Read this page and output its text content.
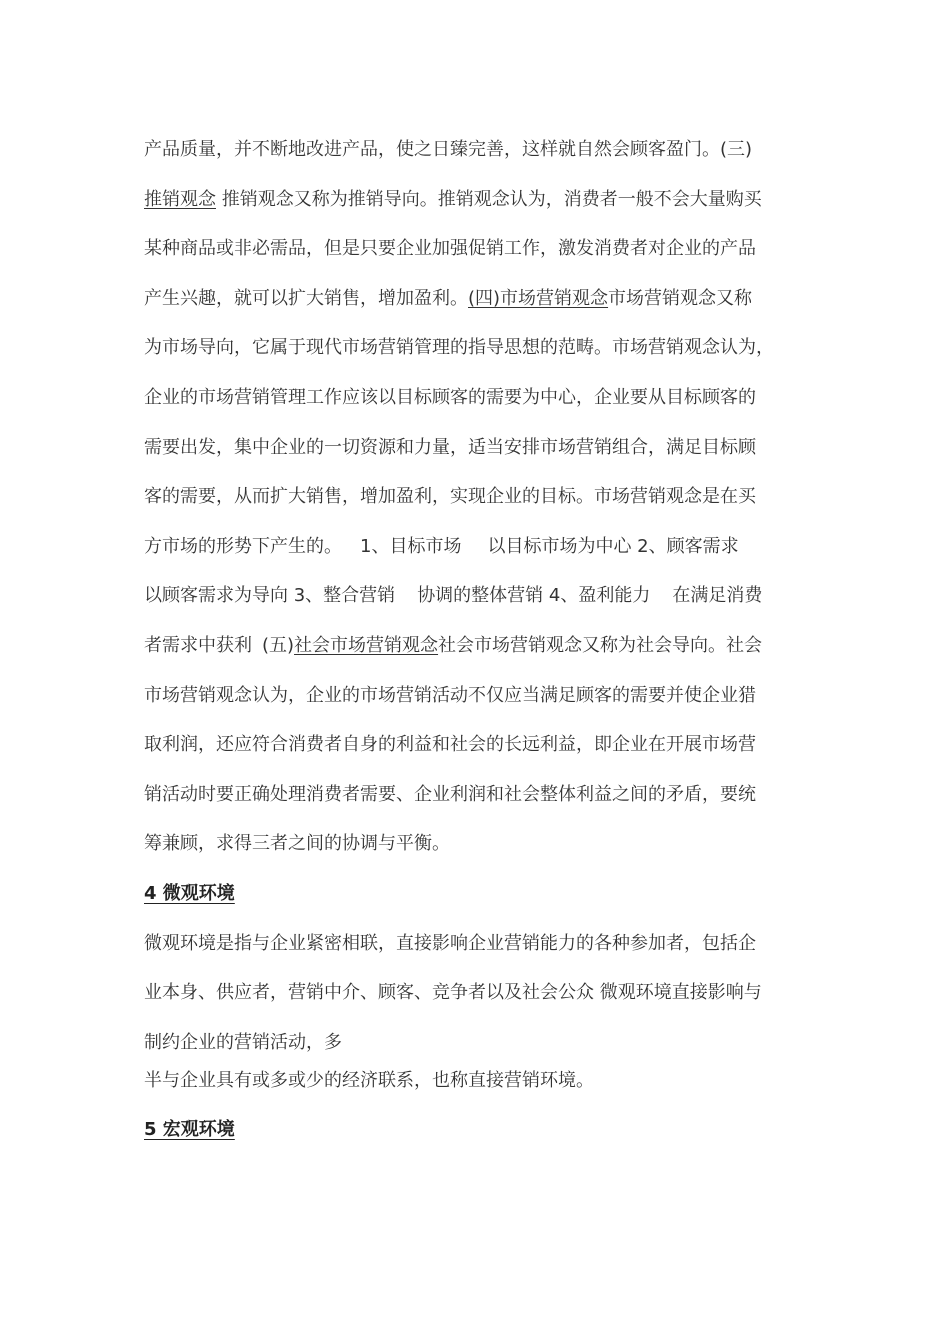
产品质量，并不断地改进产品，使之日臻完善，这样就自然会顾客盈门。(三)
推销观念 推销观念又称为推销导向。推销观念认为，消费者一般不会大量购买
某种商品或非必需品，但是只要企业加强促销工作，激发消费者对企业的产品
产生兴趣，就可以扩大销售，增加盈利。(四)市场营销观念市场营销观念又称
为市场导向，它属于现代市场营销管理的指导思想的范畴。市场营销观念认为，
企业的市场营销管理工作应该以目标顾客的需要为中心，企业要从目标顾客的
需要出发，集中企业的一切资源和力量，适当安排市场营销组合，满足目标顾
客的需要，从而扩大销售，增加盈利，实现企业的目标。市场营销观念是在买
方市场的形势下产生的。 1、目标市场 以目标市场为中心 2、顾客需求
以顾客需求为导向 3、整合营销 协调的整体营销 4、盈利能力 在满足消费
者需求中获利 (五)社会市场营销观念社会市场营销观念又称为社会导向。社会
市场营销观念认为，企业的市场营销活动不仅应当满足顾客的需要并使企业猎
取利润，还应符合消费者自身的利益和社会的长远利益，即企业在开展市场营
销活动时要正确处理消费者需要、企业利润和社会整体利益之间的矛盾，要统
筹兼顾，求得三者之间的协调与平衡。
4 微观环境
微观环境是指与企业紧密相联，直接影响企业营销能力的各种参加者，包括企
业本身、供应者，营销中介、顾客、竞争者以及社会公众 微观环境直接影响与
制约企业的营销活动，多
半与企业具有或多或少的经济联系，也称直接营销环境。
5 宏观环境
